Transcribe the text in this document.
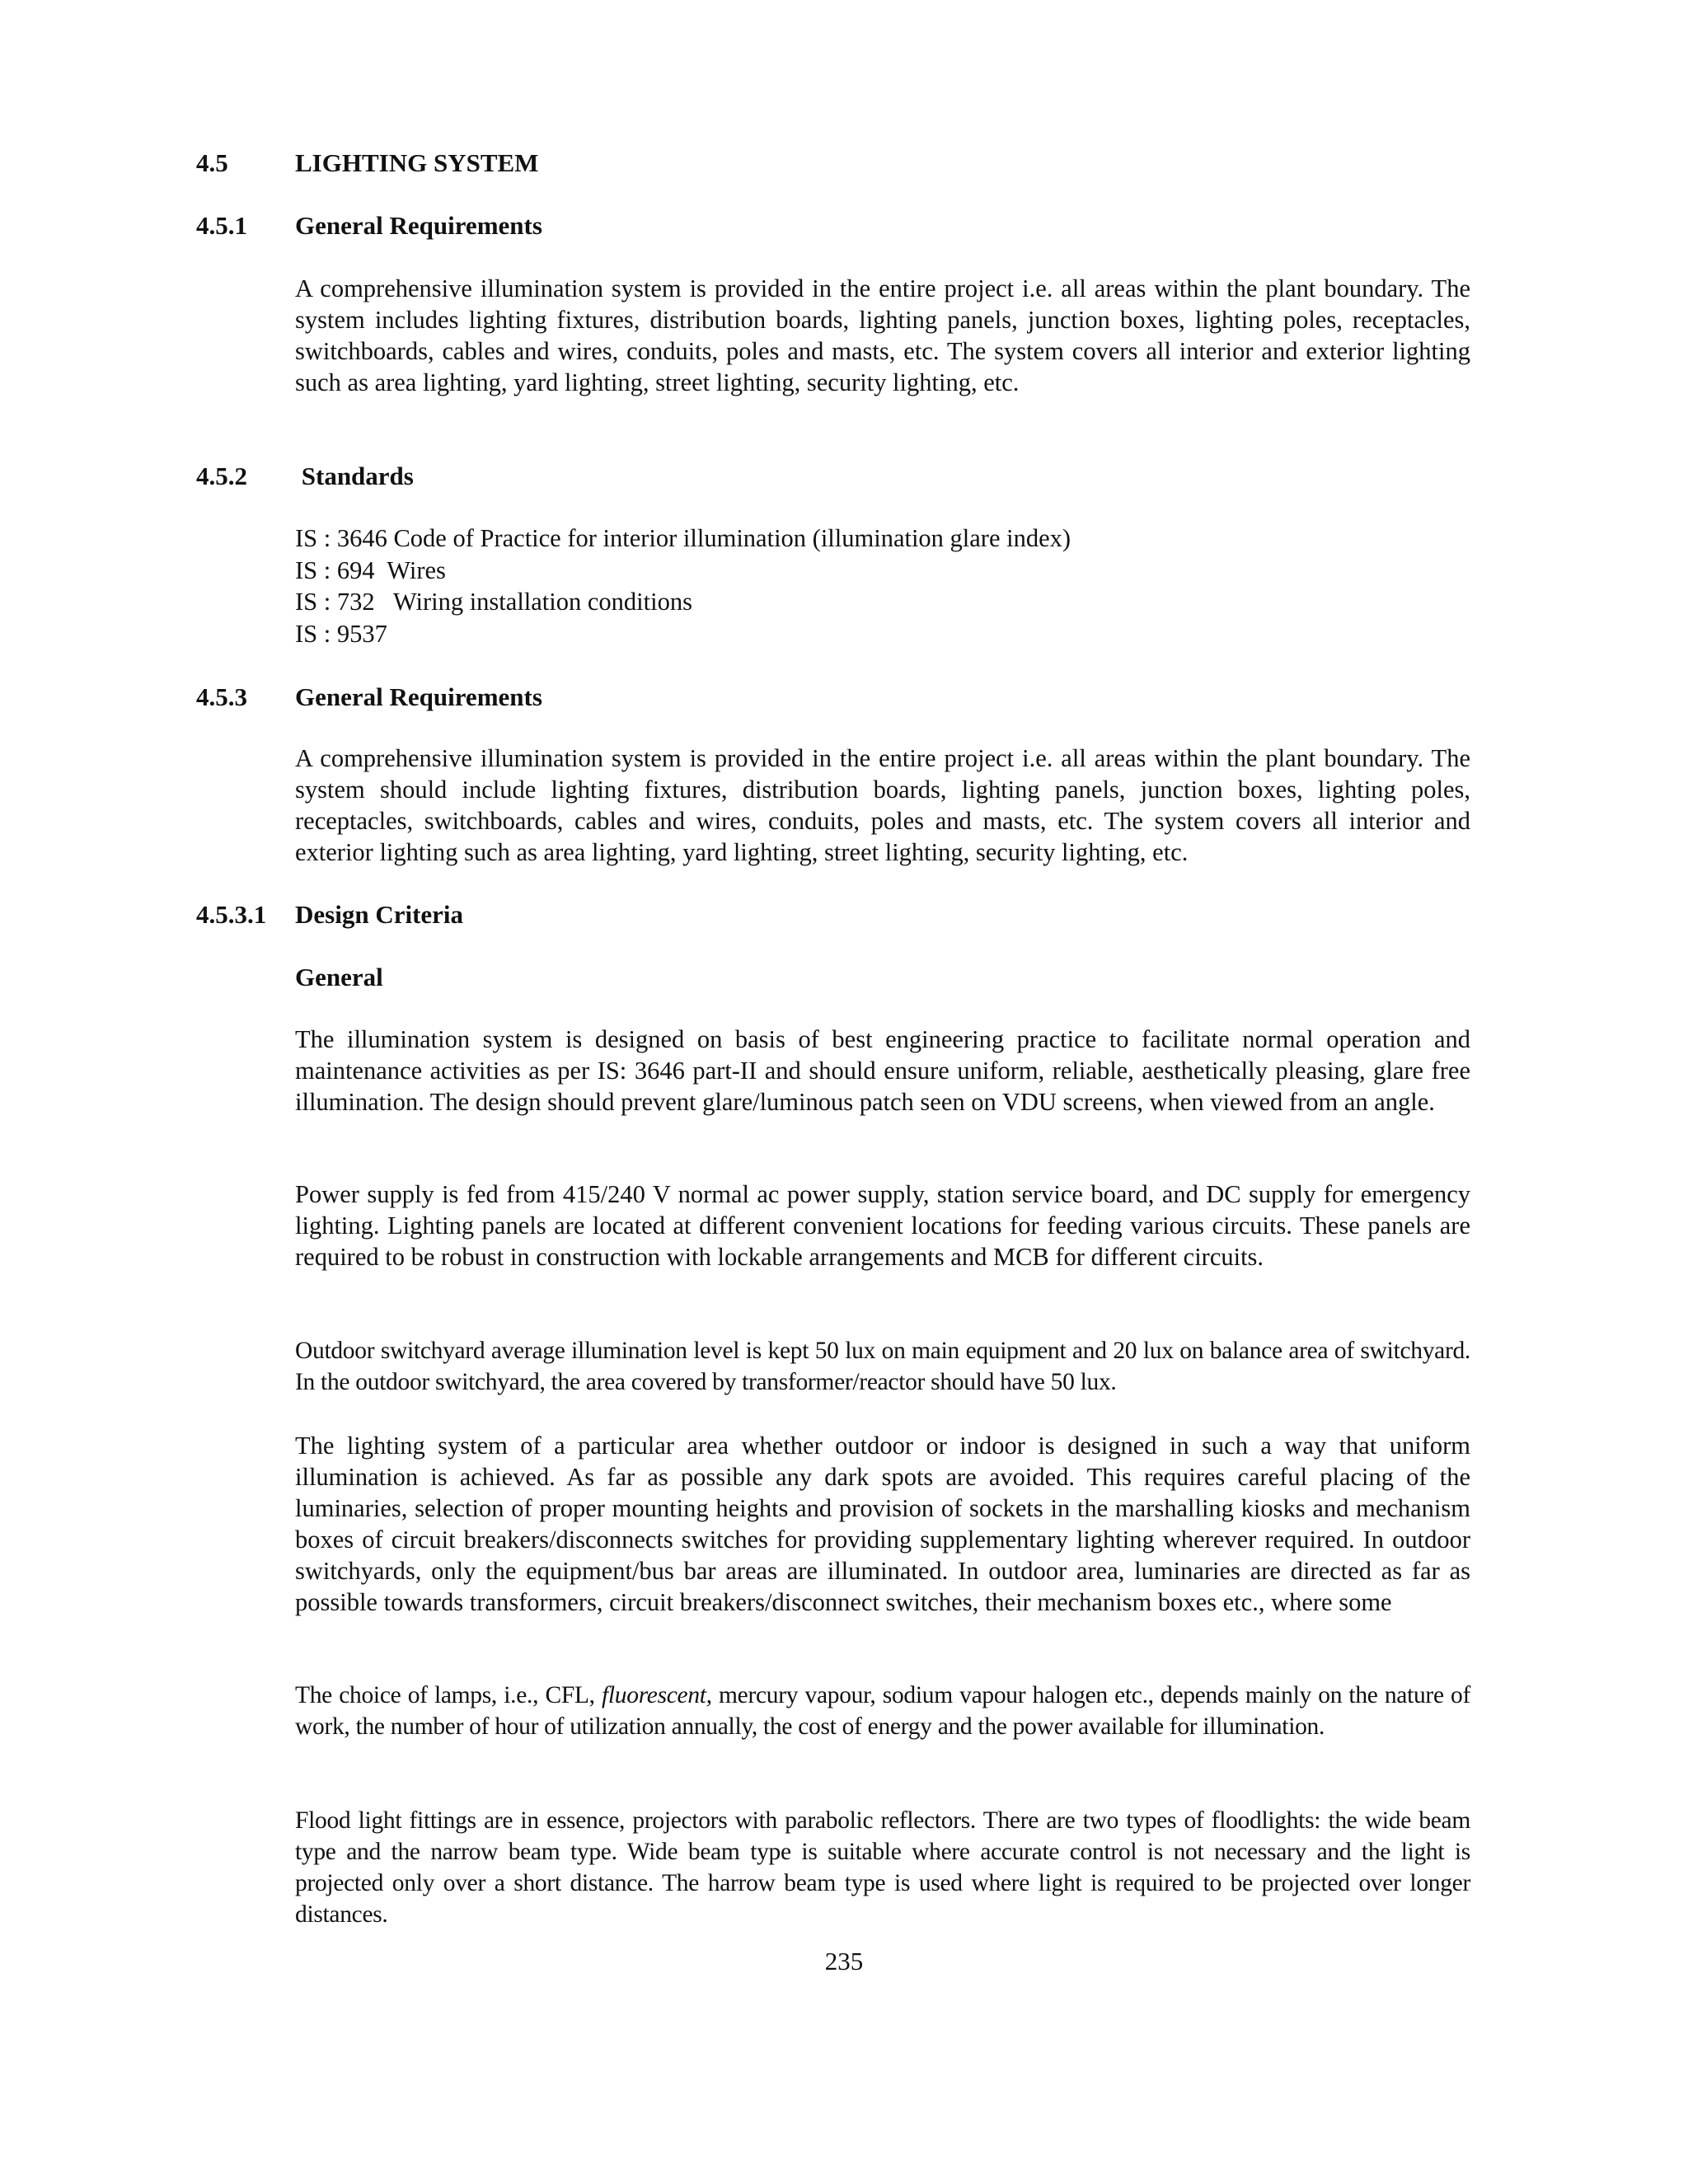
4.5	LIGHTING SYSTEM
4.5.1 General Requirements

A comprehensive illumination system is provided in the entire project i.e. all areas within the plant boundary. The system includes lighting fixtures, distribution boards, lighting panels, junction boxes, lighting poles, receptacles, switchboards, cables and wires, conduits, poles and masts, etc. The system covers all interior and exterior lighting such as area lighting, yard lighting, street lighting, security lighting, etc.

4.5.2 Standards
IS : 3646 Code of Practice for interior illumination (illumination glare index)
IS : 694  Wires
IS : 732   Wiring installation conditions
IS : 9537
4.5.3 General Requirements

A comprehensive illumination system is provided in the entire project i.e. all areas within the plant boundary. The system should include lighting fixtures, distribution boards, lighting panels, junction boxes, lighting poles, receptacles, switchboards, cables and wires, conduits, poles and masts, etc. The system covers all interior and exterior lighting such as area lighting, yard lighting, street lighting, security lighting, etc.

4.5.3.1 Design Criteria
General

The illumination system is designed on basis of best engineering practice to facilitate normal operation and maintenance activities as per IS: 3646 part-II and should ensure uniform, reliable, aesthetically pleasing, glare free illumination. The design should prevent glare/luminous patch seen on VDU screens, when viewed from an angle.

Power supply is fed from 415/240 V normal ac power supply, station service board, and DC supply for emergency lighting. Lighting panels are located at different convenient locations for feeding various circuits. These panels are required to be robust in construction with lockable arrangements and MCB for different circuits.

Outdoor switchyard average illumination level is kept 50 lux on main equipment and 20 lux on balance area of switchyard. In the outdoor switchyard, the area covered by transformer/reactor should have 50 lux.

The lighting system of a particular area whether outdoor or indoor is designed in such a way that uniform illumination is achieved. As far as possible any dark spots are avoided. This requires careful placing of the luminaries, selection of proper mounting heights and provision of sockets in the marshalling kiosks and mechanism boxes of circuit breakers/disconnects switches for providing supplementary lighting wherever required. In outdoor switchyards, only the equipment/bus bar areas are illuminated. In outdoor area, luminaries are directed as far as possible towards transformers, circuit breakers/disconnect switches, their mechanism boxes etc., where some

The choice of lamps, i.e., CFL, fluorescent, mercury vapour, sodium vapour halogen etc., depends mainly on the nature of work, the number of hour of utilization annually, the cost of energy and the power available for illumination.

Flood light fittings are in essence, projectors with parabolic reflectors. There are two types of floodlights: the wide beam type and the narrow beam type. Wide beam type is suitable where accurate control is not necessary and the light is projected only over a short distance. The harrow beam type is used where light is required to be projected over longer distances.

235
